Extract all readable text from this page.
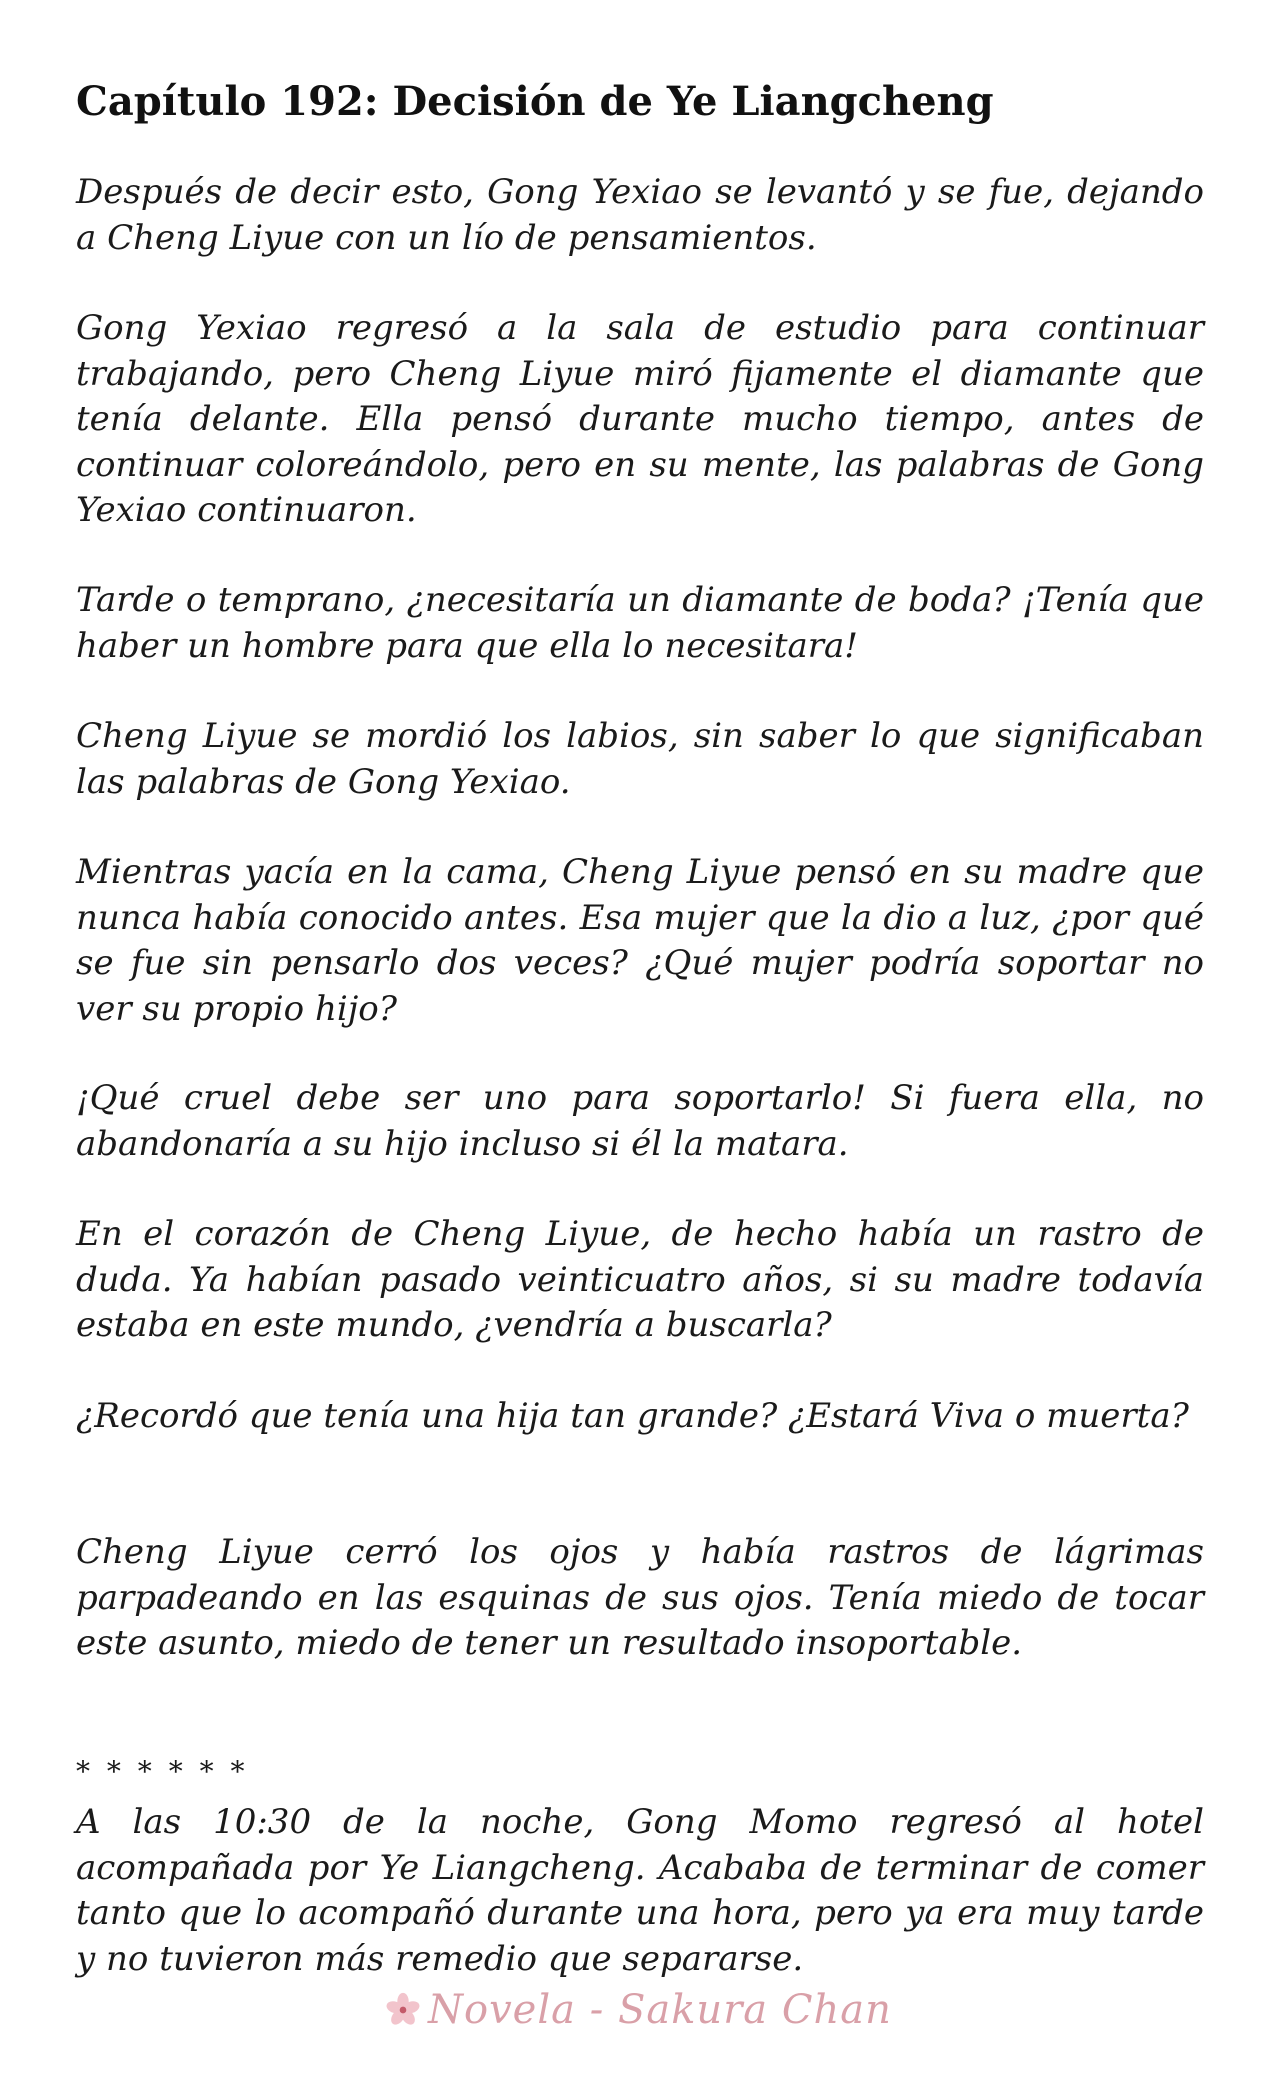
Capítulo 192: Decisión de Ye Liangcheng

Después de decir esto, Gong Yexiao se levantó y se fue, dejando a Cheng Liyue con un lío de pensamientos.

Gong Yexiao regresó a la sala de estudio para continuar trabajando, pero Cheng Liyue miró fijamente el diamante que tenía delante. Ella pensó durante mucho tiempo, antes de continuar coloreándolo, pero en su mente, las palabras de Gong Yexiao continuaron.

Tarde o temprano, ¿necesitaría un diamante de boda? ¡Tenía que haber un hombre para que ella lo necesitara!

Cheng Liyue se mordió los labios, sin saber lo que significaban las palabras de Gong Yexiao.

Mientras yacía en la cama, Cheng Liyue pensó en su madre que nunca había conocido antes. Esa mujer que la dio a luz, ¿por qué se fue sin pensarlo dos veces? ¿Qué mujer podría soportar no ver su propio hijo?

¡Qué cruel debe ser uno para soportarlo! Si fuera ella, no abandonaría a su hijo incluso si él la matara.

En el corazón de Cheng Liyue, de hecho había un rastro de duda. Ya habían pasado veinticuatro años, si su madre todavía estaba en este mundo, ¿vendría a buscarla?

¿Recordó que tenía una hija tan grande? ¿Estará Viva o muerta?

Cheng Liyue cerró los ojos y había rastros de lágrimas parpadeando en las esquinas de sus ojos. Tenía miedo de tocar este asunto, miedo de tener un resultado insoportable.

* * * * * *

A las 10:30 de la noche, Gong Momo regresó al hotel acompañada por Ye Liangcheng. Acababa de terminar de comer tanto que lo acompañó durante una hora, pero ya era muy tarde y no tuvieron más remedio que separarse.

Novela - Sakura Chan
